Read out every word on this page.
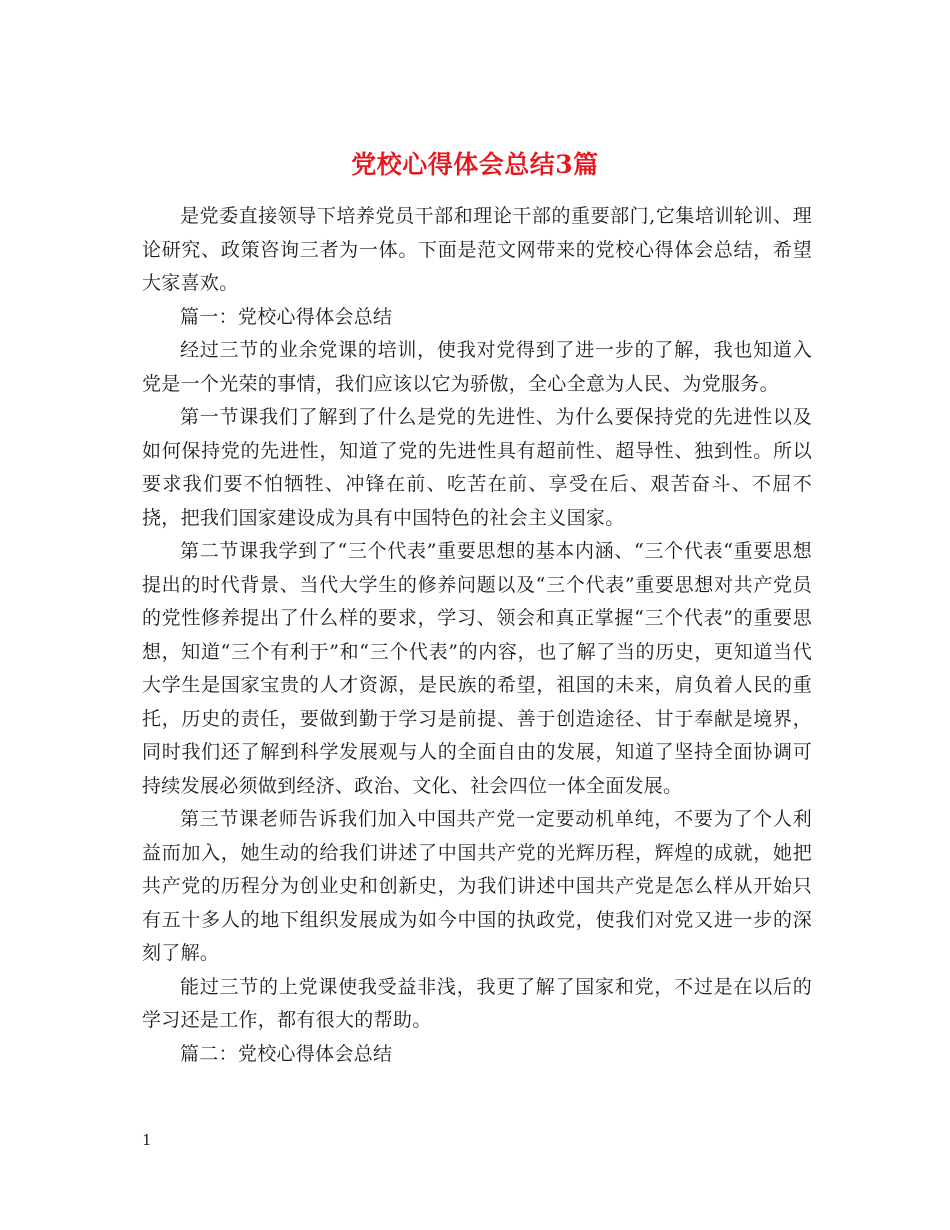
党校心得体会总结3篇

是党委直接领导下培养党员干部和理论干部的重要部门,它集培训轮训、理论研究、政策咨询三者为一体。下面是范文网带来的党校心得体会总结，希望大家喜欢。

篇一：党校心得体会总结

经过三节的业余党课的培训，使我对党得到了进一步的了解，我也知道入党是一个光荣的事情，我们应该以它为骄傲，全心全意为人民、为党服务。

第一节课我们了解到了什么是党的先进性、为什么要保持党的先进性以及如何保持党的先进性，知道了党的先进性具有超前性、超导性、独到性。所以要求我们要不怕牺牲、冲锋在前、吃苦在前、享受在后、艰苦奋斗、不屈不挠，把我们国家建设成为具有中国特色的社会主义国家。

第二节课我学到了“三个代表”重要思想的基本内涵、“三个代表“重要思想提出的时代背景、当代大学生的修养问题以及“三个代表”重要思想对共产党员的党性修养提出了什么样的要求，学习、领会和真正掌握“三个代表”的重要思想，知道“三个有利于”和“三个代表”的内容，也了解了当的历史，更知道当代大学生是国家宝贵的人才资源，是民族的希望，祖国的未来，肩负着人民的重托，历史的责任，要做到勤于学习是前提、善于创造途径、甘于奉献是境界，同时我们还了解到科学发展观与人的全面自由的发展，知道了坚持全面协调可持续发展必须做到经济、政治、文化、社会四位一体全面发展。

第三节课老师告诉我们加入中国共产党一定要动机单纯，不要为了个人利益而加入，她生动的给我们讲述了中国共产党的光辉历程，辉煌的成就，她把共产党的历程分为创业史和创新史，为我们讲述中国共产党是怎么样从开始只有五十多人的地下组织发展成为如今中国的执政党，使我们对党又进一步的深刻了解。

能过三节的上党课使我受益非浅，我更了解了国家和党，不过是在以后的学习还是工作，都有很大的帮助。

篇二：党校心得体会总结

1
